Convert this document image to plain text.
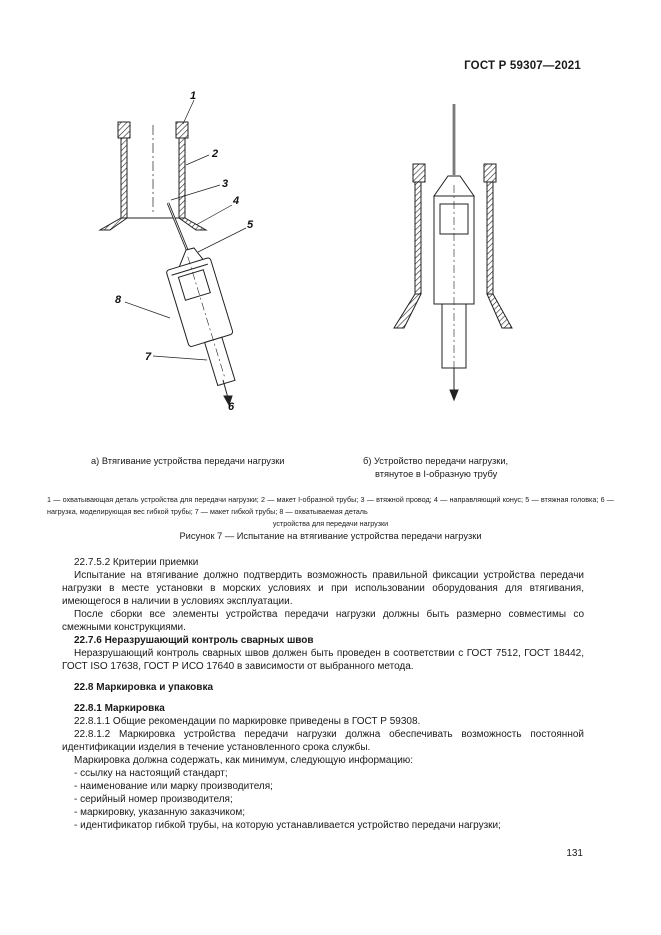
ГОСТ Р 59307—2021
1
2
3
4
5
8
7
6
а) Втягивание устройства передачи нагрузки	б) Устройство передачи нагрузки,
втянутое в I-образную трубу
1 — охватывающая деталь устройства для передачи нагрузки; 2 — макет I-образной трубы; 3 — втяжной провод; 4 — направляющий конус; 5 — втяжная головка; 6 — нагрузка, моделирующая вес гибкой трубы; 7 — макет гибкой трубы; 8 — охватываемая деталь
устройства для передачи нагрузки
Рисунок 7 — Испытание на втягивание устройства передачи нагрузки

22.7.5.2 Критерии приемки

Испытание на втягивание должно подтвердить возможность правильной фиксации устройства передачи нагрузки в месте установки в морских условиях и при использовании оборудования для втягивания, имеющегося в наличии в условиях эксплуатации.

После сборки все элементы устройства передачи нагрузки должны быть размерно совместимы со смежными конструкциями.

22.7.6 Неразрушающий контроль сварных швов

Неразрушающий контроль сварных швов должен быть проведен в соответствии с ГОСТ 7512, ГОСТ 18442, ГОСТ ISO 17638, ГОСТ Р ИСО 17640 в зависимости от выбранного метода.

22.8 Маркировка и упаковка

22.8.1 Маркировка

22.8.1.1 Общие рекомендации по маркировке приведены в ГОСТ Р 59308.

22.8.1.2 Маркировка устройства передачи нагрузки должна обеспечивать возможность постоянной идентификации изделия в течение установленного срока службы.

Маркировка должна содержать, как минимум, следующую информацию:

- ссылку на настоящий стандарт;

- наименование или марку производителя;

- серийный номер производителя;

- маркировку, указанную заказчиком;

- идентификатор гибкой трубы, на которую устанавливается устройство передачи нагрузки;

131
